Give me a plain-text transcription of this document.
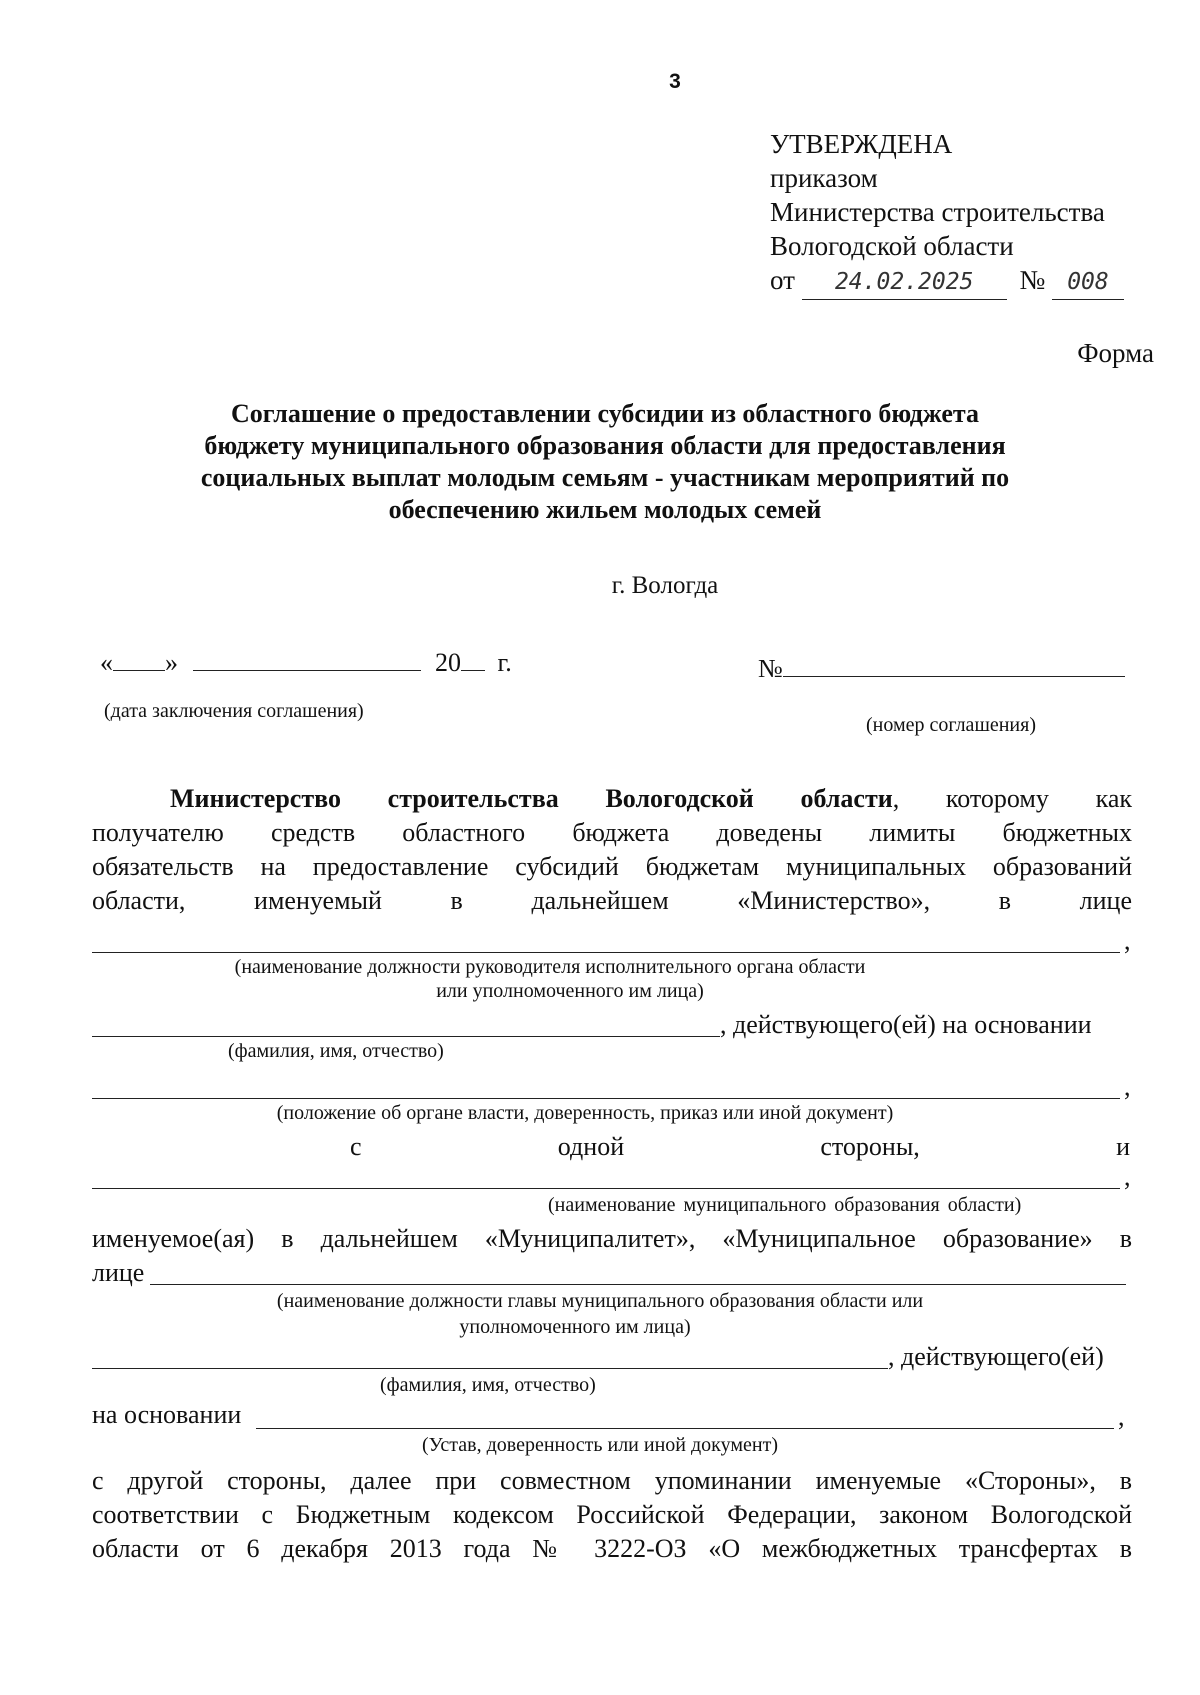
3
УТВЕРЖДЕНА
приказом
Министерства строительства
Вологодской области
от 24.02.2025 № 008
Форма
Соглашение о предоставлении субсидии из областного бюджета
бюджету муниципального образования области для предоставления
социальных выплат молодым семьям - участникам мероприятий по
обеспечению жильем молодых семей
г. Вологда
« »	20 г.	№
(дата заключения соглашения)
(номер соглашения)
Министерство строительства Вологодской области, которому как
получателю средств областного бюджета доведены лимиты бюджетных
обязательств на предоставление субсидий бюджетам муниципальных образований
области, именуемый в дальнейшем «Министерство», в лице
,
(наименование должности руководителя исполнительного органа области
или уполномоченного им лица)
, действующего(ей) на основании
(фамилия, имя, отчество)
,
(положение об органе власти, доверенность, приказ или иной документ)
с одной стороны, и
,
(наименование муниципального образования области)
именуемое(ая) в дальнейшем «Муниципалитет», «Муниципальное образование» в
лице
(наименование должности главы муниципального образования области или
уполномоченного им лица)
, действующего(ей)
(фамилия, имя, отчество)
на основании	,
(Устав, доверенность или иной документ)
с другой стороны, далее при совместном упоминании именуемые «Стороны», в
соответствии с Бюджетным кодексом Российской Федерации, законом Вологодской
области от 6 декабря 2013 года № 3222-ОЗ «О межбюджетных трансфертах в
